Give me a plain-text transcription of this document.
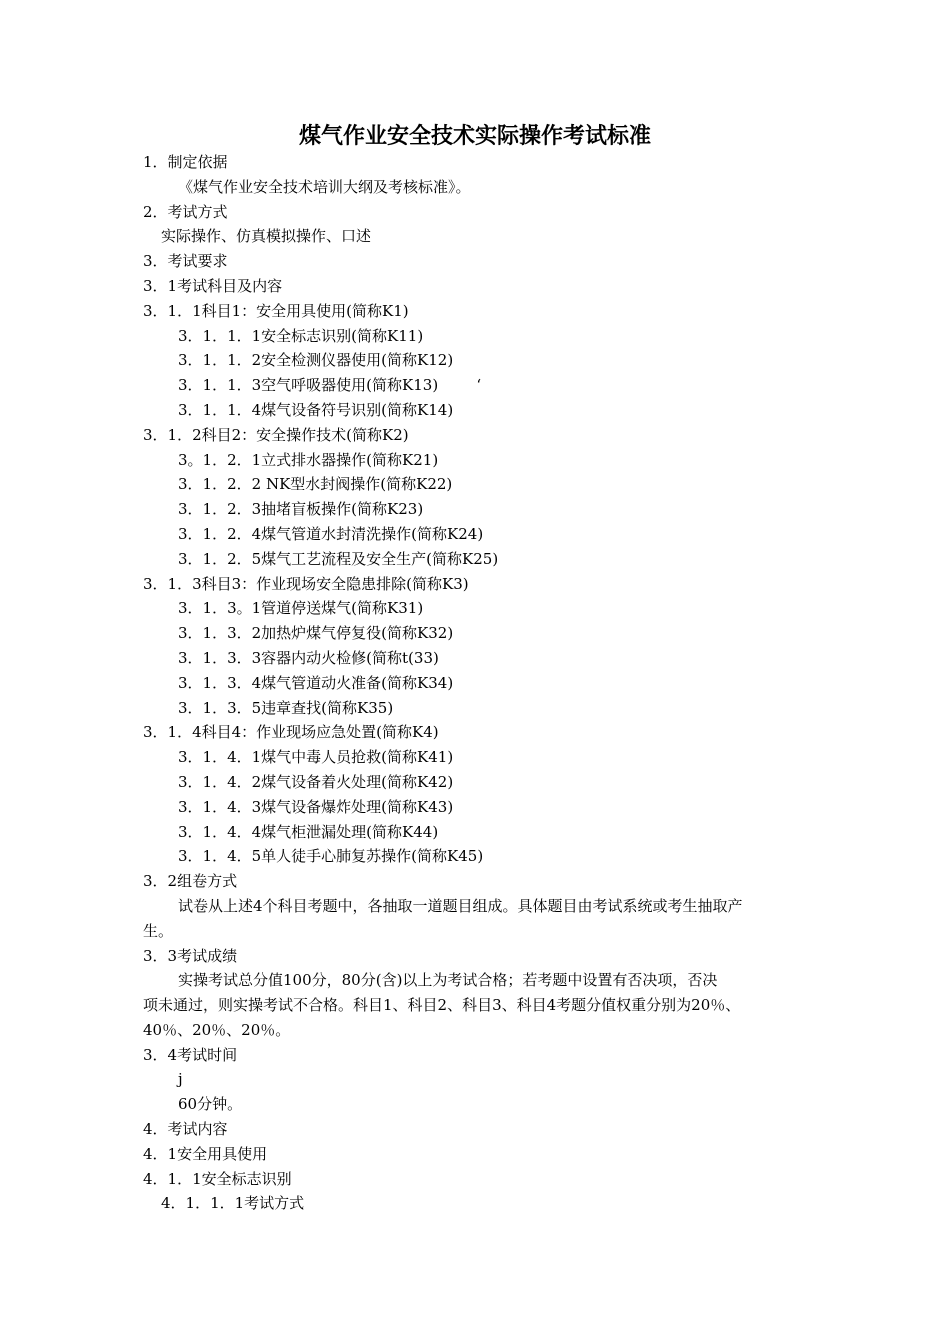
煤气作业安全技术实际操作考试标准
1．制定依据
《煤气作业安全技术培训大纲及考核标准》。
2．考试方式
实际操作、仿真模拟操作、口述
3．考试要求
3．1考试科目及内容
3．1．1科目1：安全用具使用(简称K1)
3．1．1．1安全标志识别(简称K11)
3．1．1．2安全检测仪器使用(简称K12)
3．1．1．3空气呼吸器使用(简称K13)        ‘
3．1．1．4煤气设备符号识别(简称K14)
3．1．2科目2：安全操作技术(简称K2)
3。1．2．1立式排水器操作(简称K21)
3．1．2．2 NK型水封阀操作(简称K22)
3．1．2．3抽堵盲板操作(简称K23)
3．1．2．4煤气管道水封清洗操作(简称K24)
3．1．2．5煤气工艺流程及安全生产(简称K25)
3．1．3科目3：作业现场安全隐患排除(简称K3)
3．1．3。1管道停送煤气(简称K31)
3．1．3．2加热炉煤气停复役(简称K32)
3．1．3．3容器内动火检修(简称t(33)
3．1．3．4煤气管道动火准备(简称K34)
3．1．3．5违章查找(简称K35)
3．1．4科目4：作业现场应急处置(简称K4)
3．1．4．1煤气中毒人员抢救(简称K41)
3．1．4．2煤气设备着火处理(简称K42)
3．1．4．3煤气设备爆炸处理(简称K43)
3．1．4．4煤气柜泄漏处理(简称K44)
3．1．4．5单人徒手心肺复苏操作(简称K45)
3．2组卷方式
试卷从上述4个科目考题中，各抽取一道题目组成。具体题目由考试系统或考生抽取产
生。
3．3考试成绩
实操考试总分值100分，80分(含)以上为考试合格；若考题中设置有否决项，否决
项未通过，则实操考试不合格。科目1、科目2、科目3、科目4考题分值权重分别为20％、
40％、20％、20％。
3．4考试时间
j
60分钟。
4．考试内容
4．1安全用具使用
4．1．1安全标志识别
4．1．1．1考试方式
